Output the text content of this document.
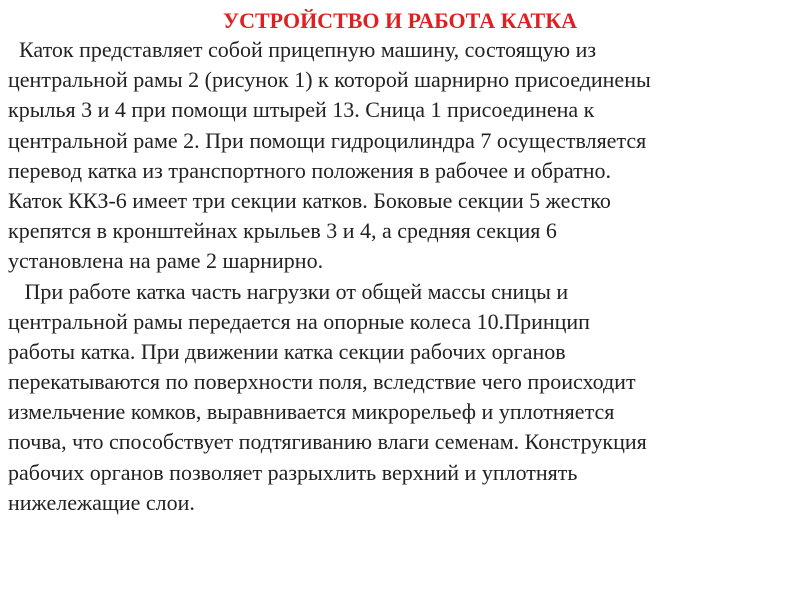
УСТРОЙСТВО И РАБОТА КАТКА
Каток представляет собой прицепную машину, состоящую из
центральной рамы 2 (рисунок 1) к которой шарнирно присоединены
крылья 3 и 4 при помощи штырей 13. Сница 1 присоединена к
центральной раме 2. При помощи гидроцилиндра 7 осуществляется
перевод катка из транспортного положения в рабочее и обратно.
Каток ККЗ-6 имеет три секции катков. Боковые секции 5 жестко
крепятся в кронштейнах крыльев 3 и 4, а средняя секция 6
установлена на раме 2 шарнирно.
При работе катка часть нагрузки от общей массы сницы и
центральной рамы передается на опорные колеса 10.Принцип
работы катка. При движении катка секции рабочих органов
перекатываются по поверхности поля, вследствие чего происходит
измельчение комков, выравнивается микрорельеф и уплотняется
почва, что способствует подтягиванию влаги семенам. Конструкция
рабочих органов позволяет разрыхлить верхний и уплотнять
нижележащие слои.
